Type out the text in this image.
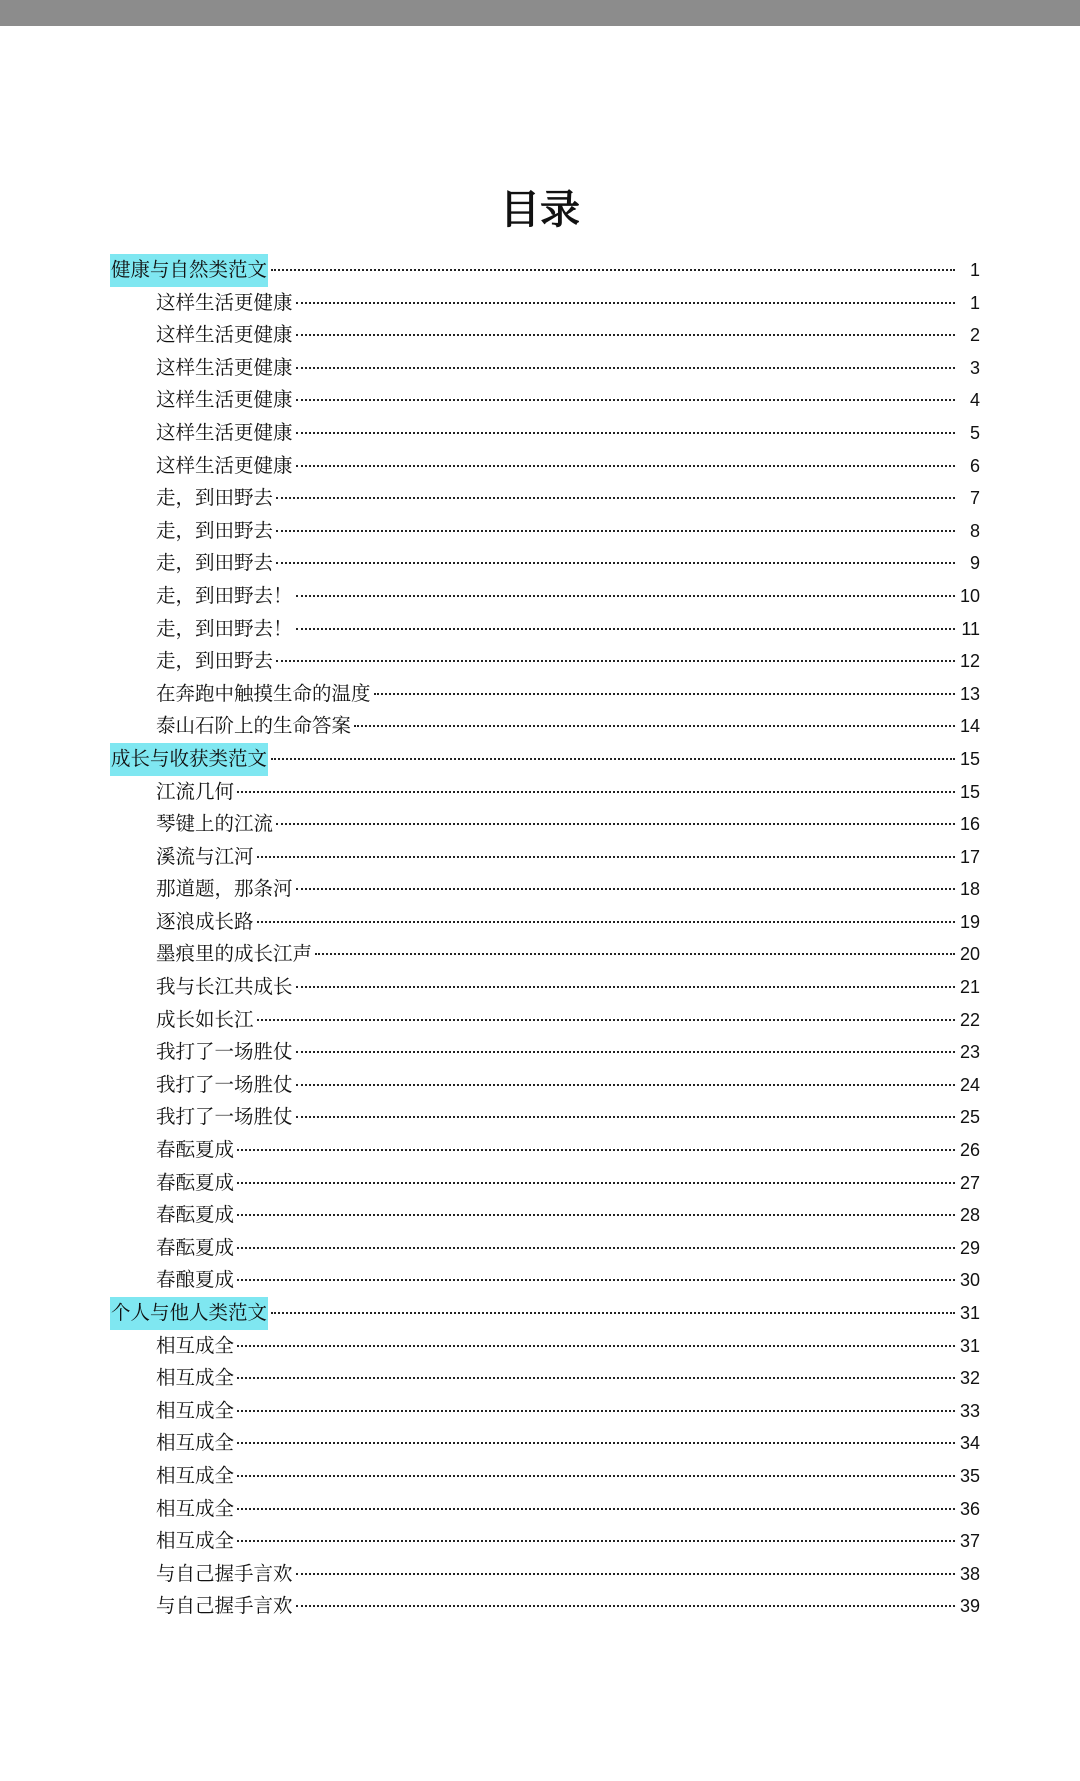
目录
健康与自然类范文	1
这样生活更健康	1
这样生活更健康	2
这样生活更健康	3
这样生活更健康	4
这样生活更健康	5
这样生活更健康	6
走，到田野去	7
走，到田野去	8
走，到田野去	9
走，到田野去！	10
走，到田野去！	11
走，到田野去	12
在奔跑中触摸生命的温度	13
泰山石阶上的生命答案	14
成长与收获类范文	15
江流几何	15
琴键上的江流	16
溪流与江河	17
那道题，那条河	18
逐浪成长路	19
墨痕里的成长江声	20
我与长江共成长	21
成长如长江	22
我打了一场胜仗	23
我打了一场胜仗	24
我打了一场胜仗	25
春酝夏成	26
春酝夏成	27
春酝夏成	28
春酝夏成	29
春酿夏成	30
个人与他人类范文	31
相互成全	31
相互成全	32
相互成全	33
相互成全	34
相互成全	35
相互成全	36
相互成全	37
与自己握手言欢	38
与自己握手言欢	39
